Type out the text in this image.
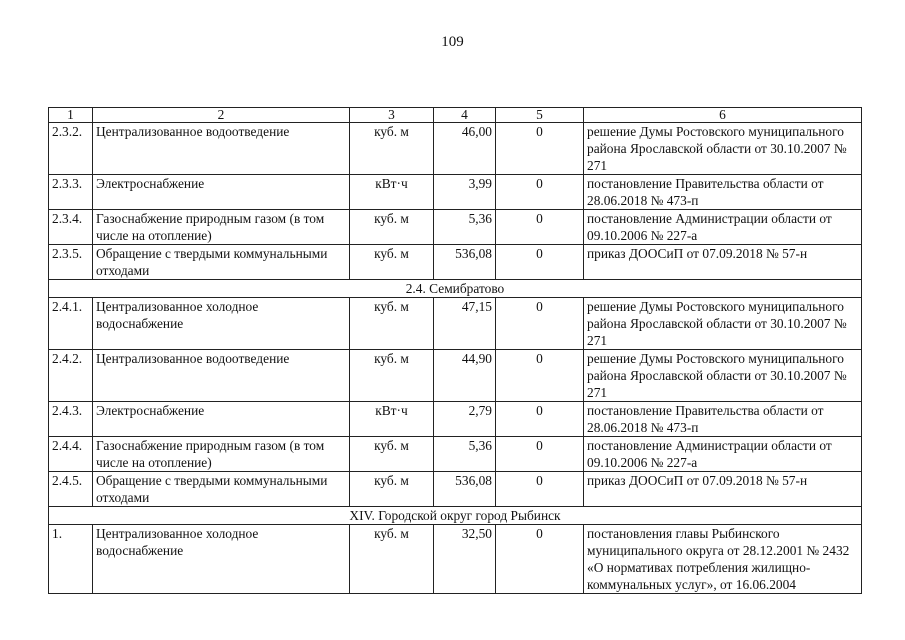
109
1	2	3	4	5	6
2.3.2.	Централизованное водоотведение	куб. м	46,00	0	решение Думы Ростовского муниципального района Ярославской области от 30.10.2007 № 271
2.3.3.	Электроснабжение	кВт·ч	3,99	0	постановление Правительства области от 28.06.2018 № 473-п
2.3.4.	Газоснабжение природным газом (в том числе на отопление)	куб. м	5,36	0	постановление Администрации области от 09.10.2006 № 227-а
2.3.5.	Обращение с твердыми коммунальными отходами	куб. м	536,08	0	приказ ДООСиП от 07.09.2018 № 57-н
2.4. Семибратово					
2.4.1.	Централизованное холодное водоснабжение	куб. м	47,15	0	решение Думы Ростовского муниципального района Ярославской области от 30.10.2007 № 271
2.4.2.	Централизованное водоотведение	куб. м	44,90	0	решение Думы Ростовского муниципального района Ярославской области от 30.10.2007 № 271
2.4.3.	Электроснабжение	кВт·ч	2,79	0	постановление Правительства области от 28.06.2018 № 473-п
2.4.4.	Газоснабжение природным газом (в том числе на отопление)	куб. м	5,36	0	постановление Администрации области от 09.10.2006 № 227-а
2.4.5.	Обращение с твердыми коммунальными отходами	куб. м	536,08	0	приказ ДООСиП от 07.09.2018 № 57-н
XIV. Городской округ город Рыбинск					
1.	Централизованное холодное водоснабжение	куб. м	32,50	0	постановления главы Рыбинского муниципального округа от 28.12.2001 № 2432 «О нормативах потребления жилищно-коммунальных услуг», от 16.06.2004
